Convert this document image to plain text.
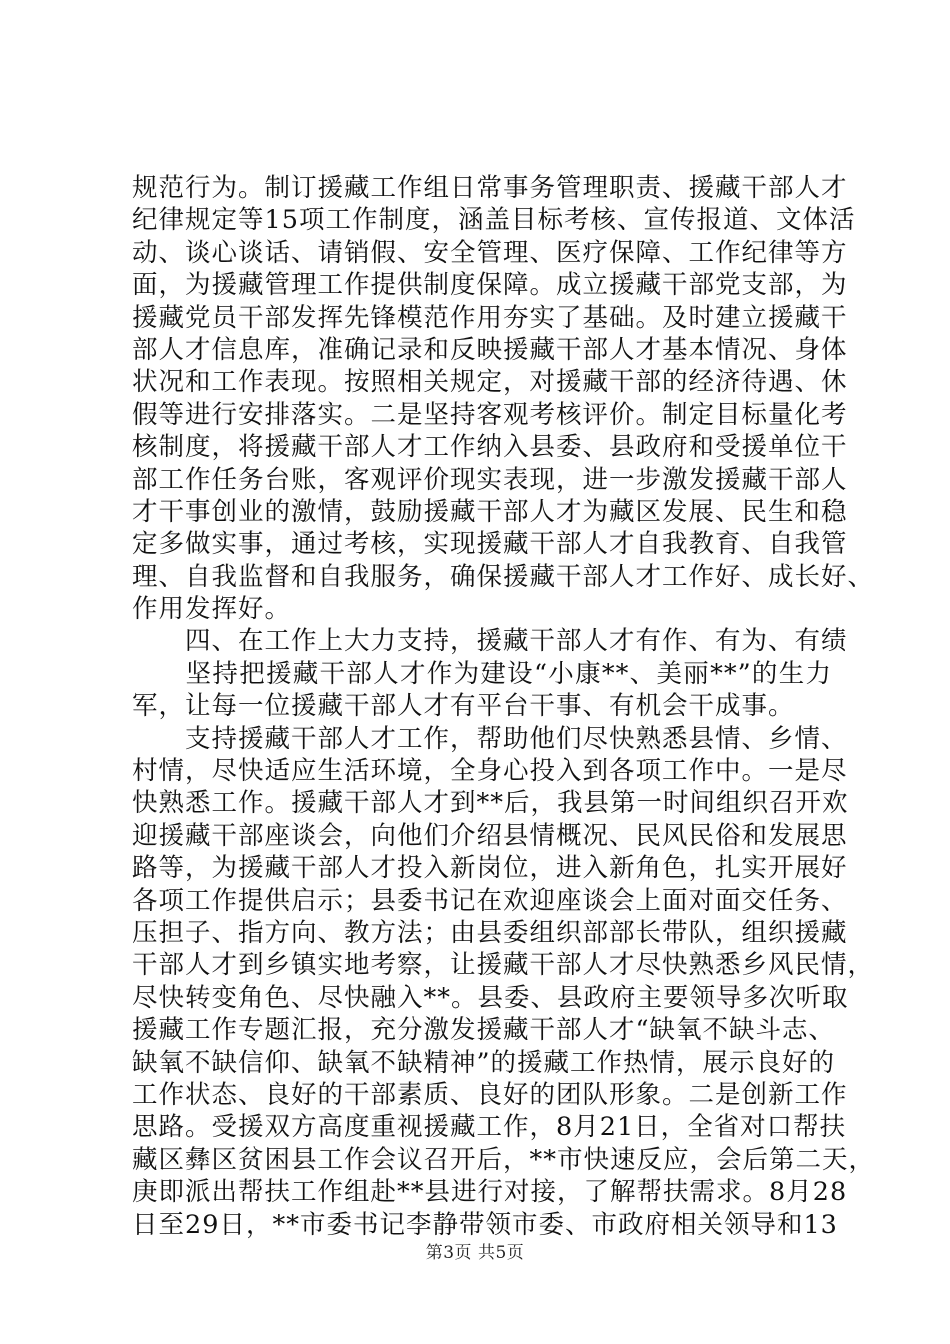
规范行为。制订援藏工作组日常事务管理职责、援藏干部人才
纪律规定等15项工作制度，涵盖目标考核、宣传报道、文体活
动、谈心谈话、请销假、安全管理、医疗保障、工作纪律等方
面，为援藏管理工作提供制度保障。成立援藏干部党支部，为
援藏党员干部发挥先锋模范作用夯实了基础。及时建立援藏干
部人才信息库，准确记录和反映援藏干部人才基本情况、身体
状况和工作表现。按照相关规定，对援藏干部的经济待遇、休
假等进行安排落实。二是坚持客观考核评价。制定目标量化考
核制度，将援藏干部人才工作纳入县委、县政府和受援单位干
部工作任务台账，客观评价现实表现，进一步激发援藏干部人
才干事创业的激情，鼓励援藏干部人才为藏区发展、民生和稳
定多做实事，通过考核，实现援藏干部人才自我教育、自我管
理、自我监督和自我服务，确保援藏干部人才工作好、成长好、
作用发挥好。
　　四、在工作上大力支持，援藏干部人才有作、有为、有绩
　　坚持把援藏干部人才作为建设“小康**、美丽**”的生力
军，让每一位援藏干部人才有平台干事、有机会干成事。
　　支持援藏干部人才工作，帮助他们尽快熟悉县情、乡情、
村情，尽快适应生活环境，全身心投入到各项工作中。一是尽
快熟悉工作。援藏干部人才到**后，我县第一时间组织召开欢
迎援藏干部座谈会，向他们介绍县情概况、民风民俗和发展思
路等，为援藏干部人才投入新岗位，进入新角色，扎实开展好
各项工作提供启示；县委书记在欢迎座谈会上面对面交任务、
压担子、指方向、教方法；由县委组织部部长带队，组织援藏
干部人才到乡镇实地考察，让援藏干部人才尽快熟悉乡风民情，
尽快转变角色、尽快融入**。县委、县政府主要领导多次听取
援藏工作专题汇报，充分激发援藏干部人才“缺氧不缺斗志、
缺氧不缺信仰、缺氧不缺精神”的援藏工作热情，展示良好的
工作状态、良好的干部素质、良好的团队形象。二是创新工作
思路。受援双方高度重视援藏工作，8月21日，全省对口帮扶
藏区彝区贫困县工作会议召开后，**市快速反应，会后第二天，
庚即派出帮扶工作组赴**县进行对接，了解帮扶需求。8月28
日至29日，**市委书记李静带领市委、市政府相关领导和13
第3页 共5页
